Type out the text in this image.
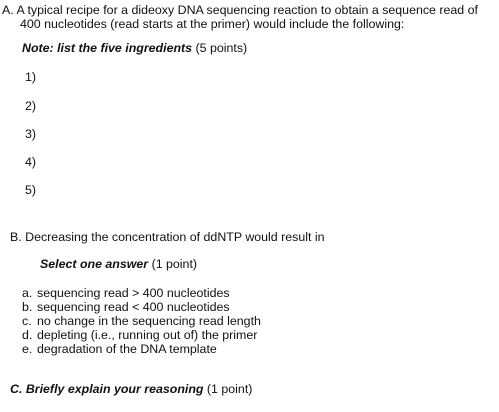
A. A typical recipe for a dideoxy DNA sequencing reaction to obtain a sequence read of
400 nucleotides (read starts at the primer) would include the following:
Note: list the five ingredients (5 points)
1)
2)
3)
4)
5)
B. Decreasing the concentration of ddNTP would result in
Select one answer (1 point)
a. sequencing read > 400 nucleotides
b. sequencing read < 400 nucleotides
c. no change in the sequencing read length
d. depleting (i.e., running out of) the primer
e. degradation of the DNA template
C. Briefly explain your reasoning (1 point)
